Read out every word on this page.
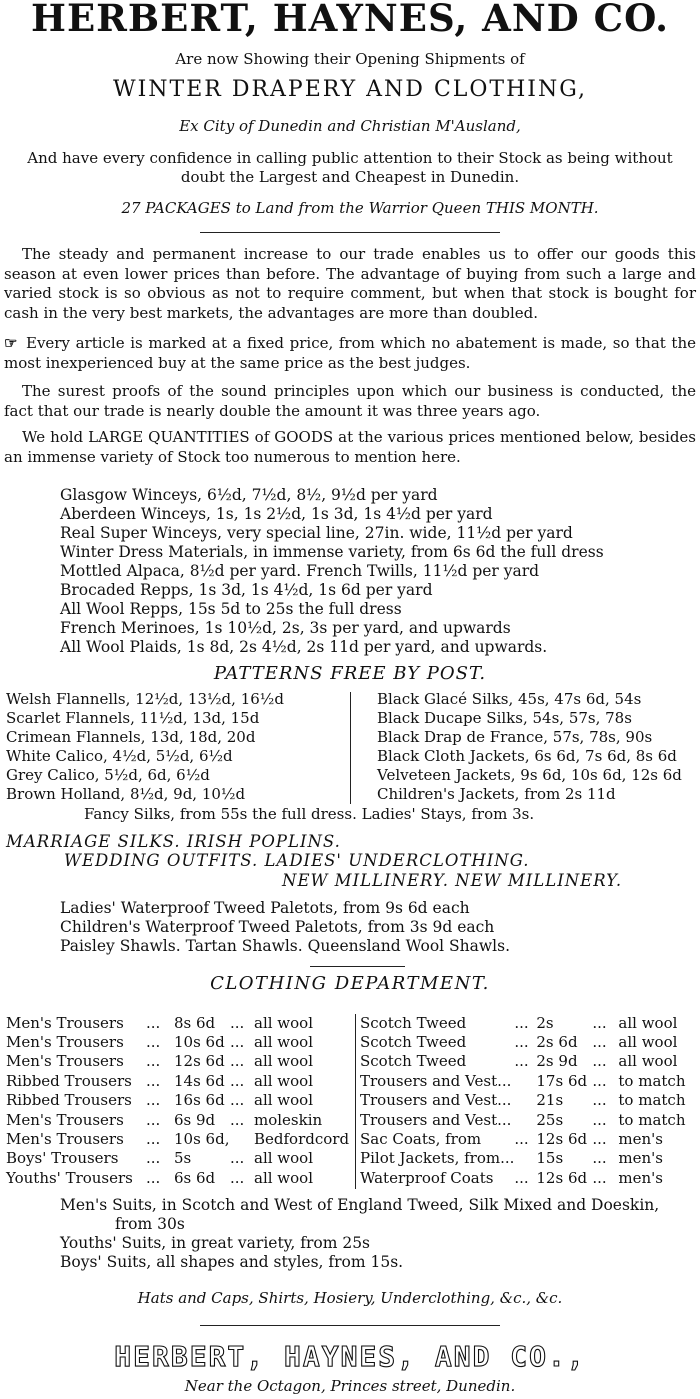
HERBERT, HAYNES, AND CO.
Are now Showing their Opening Shipments of
WINTER DRAPERY AND CLOTHING,
Ex City of Dunedin and Christian M'Ausland,
And have every confidence in calling public attention to their Stock as being without
doubt the Largest and Cheapest in Dunedin.
27 PACKAGES to Land from the Warrior Queen THIS MONTH.
The steady and permanent increase to our trade enables us to offer our goods this season at even lower prices than before. The advantage of buying from such a large and varied stock is so obvious as not to require comment, but when that stock is bought for cash in the very best markets, the advantages are more than doubled.
☞ Every article is marked at a fixed price, from which no abatement is made, so that the most inexperienced buy at the same price as the best judges.
The surest proofs of the sound principles upon which our business is conducted, the fact that our trade is nearly double the amount it was three years ago.
We hold LARGE QUANTITIES of GOODS at the various prices mentioned below, besides an immense variety of Stock too numerous to mention here.
Glasgow Winceys, 6½d, 7½d, 8½, 9½d per yard
Aberdeen Winceys, 1s, 1s 2½d, 1s 3d, 1s 4½d per yard
Real Super Winceys, very special line, 27in. wide, 11½d per yard
Winter Dress Materials, in immense variety, from 6s 6d the full dress
Mottled Alpaca, 8½d per yard. French Twills, 11½d per yard
Brocaded Repps, 1s 3d, 1s 4½d, 1s 6d per yard
All Wool Repps, 15s 5d to 25s the full dress
French Merinoes, 1s 10½d, 2s, 3s per yard, and upwards
All Wool Plaids, 1s 8d, 2s 4½d, 2s 11d per yard, and upwards.
PATTERNS FREE BY POST.
Welsh Flannells, 12½d, 13½d, 16½d
Scarlet Flannels, 11½d, 13d, 15d
Crimean Flannels, 13d, 18d, 20d
White Calico, 4½d, 5½d, 6½d
Grey Calico, 5½d, 6d, 6½d
Brown Holland, 8½d, 9d, 10½d
Black Glacé Silks, 45s, 47s 6d, 54s
Black Ducape Silks, 54s, 57s, 78s
Black Drap de France, 57s, 78s, 90s
Black Cloth Jackets, 6s 6d, 7s 6d, 8s 6d
Velveteen Jackets, 9s 6d, 10s 6d, 12s 6d
Children's Jackets, from 2s 11d
Fancy Silks, from 55s the full dress. Ladies' Stays, from 3s.
MARRIAGE SILKS. IRISH POPLINS.
WEDDING OUTFITS. LADIES' UNDERCLOTHING.
NEW MILLINERY. NEW MILLINERY.
Ladies' Waterproof Tweed Paletots, from 9s 6d each
Children's Waterproof Tweed Paletots, from 3s 9d each
Paisley Shawls. Tartan Shawls. Queensland Wool Shawls.
CLOTHING DEPARTMENT.
Men's Trousers	...	8s 6d	...	all wool
Men's Trousers	...	10s 6d	...	all wool
Men's Trousers	...	12s 6d	...	all wool
Ribbed Trousers	...	14s 6d	...	all wool
Ribbed Trousers	...	16s 6d	...	all wool
Men's Trousers	...	6s 9d	...	moleskin
Men's Trousers	...	10s 6d,		Bedfordcord
Boys' Trousers	...	5s	...	all wool
Youths' Trousers	...	6s 6d	...	all wool
Scotch Tweed	...	2s	...	all wool
Scotch Tweed	...	2s 6d	...	all wool
Scotch Tweed	...	2s 9d	...	all wool
Trousers and Vest...		17s 6d	...	to match
Trousers and Vest...		21s	...	to match
Trousers and Vest...		25s	...	to match
Sac Coats, from	...	12s 6d	...	men's
Pilot Jackets, from...		15s	...	men's
Waterproof Coats	...	12s 6d	...	men's
Men's Suits, in Scotch and West of England Tweed, Silk Mixed and Doeskin,
from 30s
Youths' Suits, in great variety, from 25s
Boys' Suits, all shapes and styles, from 15s.
Hats and Caps, Shirts, Hosiery, Underclothing, &c., &c.
HERBERT, HAYNES, AND CO.,
Near the Octagon, Princes street, Dunedin.
